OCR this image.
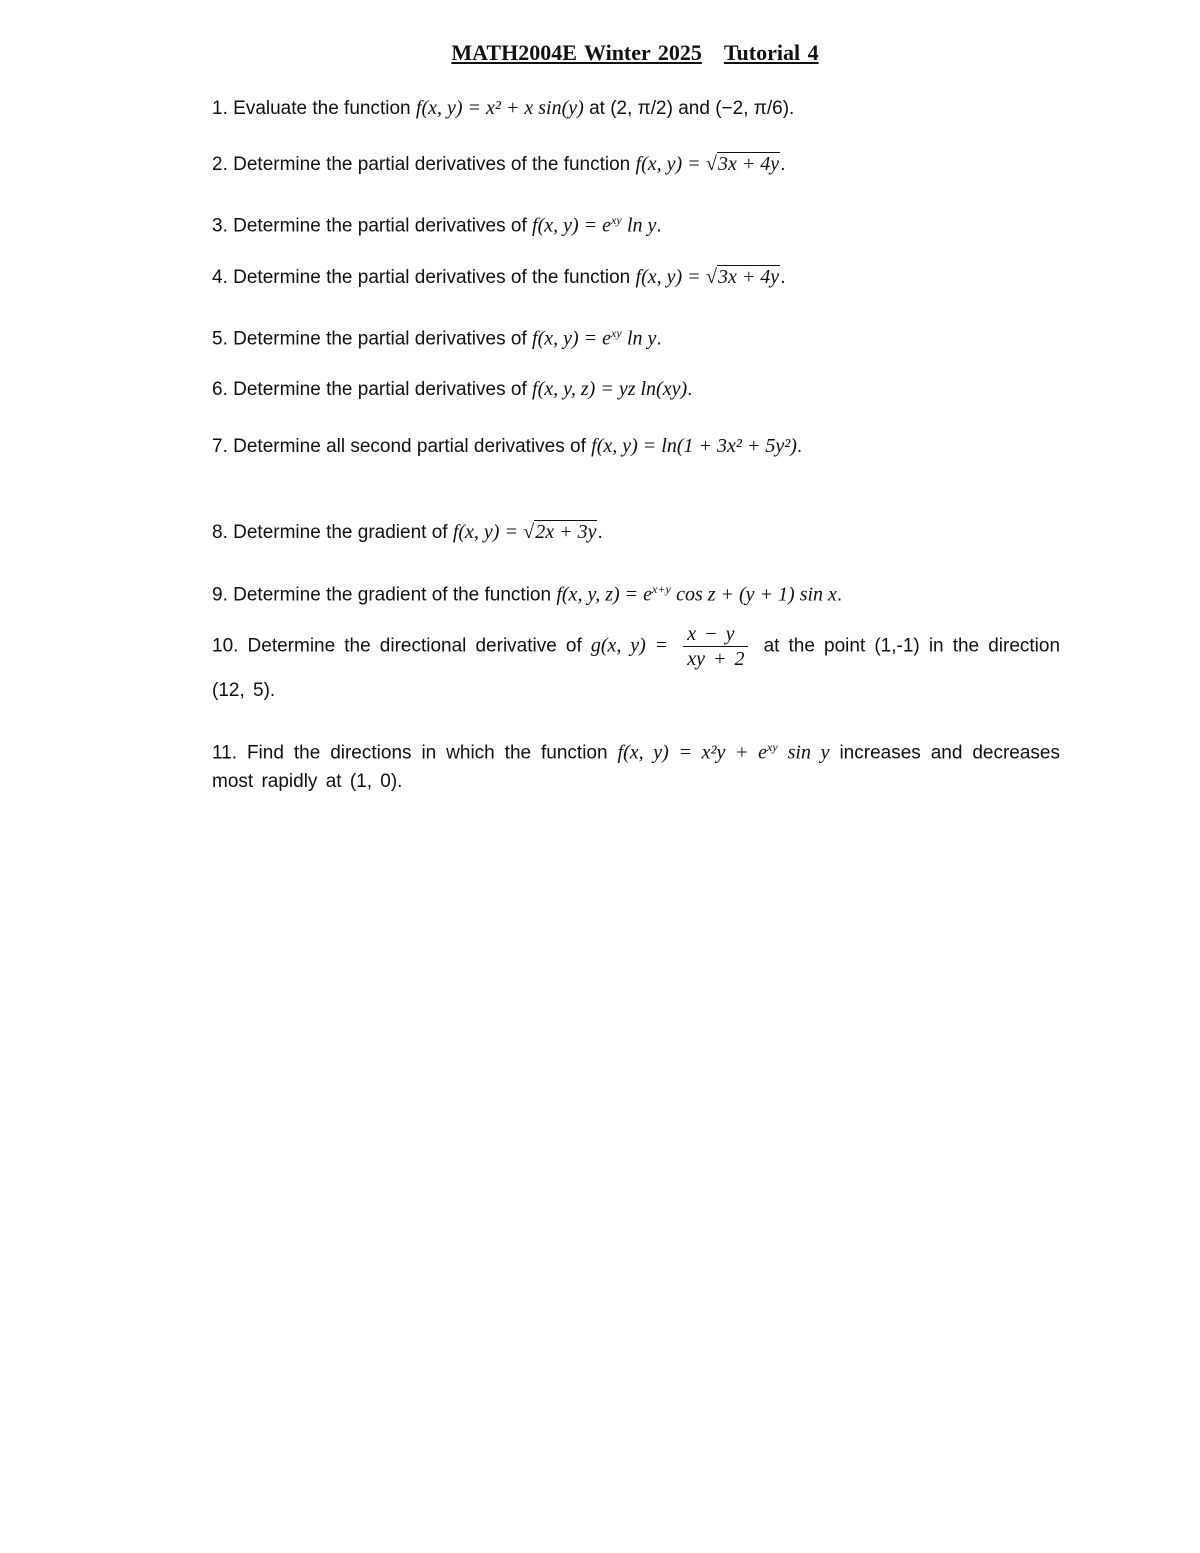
MATH2004E Winter 2025 Tutorial 4
1. Evaluate the function f(x, y) = x² + x sin(y) at (2, π/2) and (−2, π/6).
2. Determine the partial derivatives of the function f(x, y) = √3x + 4y.
3. Determine the partial derivatives of f(x, $y) = e^{xy}$ ln y.
4. Determine the partial derivatives of the function f(x, y) = √3x + 4y.
5. Determine the partial derivatives of f(x, $y) = e^{xy}$ ln y.
6. Determine the partial derivatives of f(x, y, z) = yz ln(xy).
7. Determine all second partial derivatives of f(x, y) = ln(1 + 3x² + 5y²).
8. Determine the gradient of f(x, y) = √2x + 3y.
9. Determine the gradient of the function f(x, y, $z) = e^{x+y}$ cos z + (y + 1) sin x.
10. Determine the directional derivative of g(x, $y) = \frac{x - y}{xy + 2}$ at the point (1,-1) in the direction (12, 5).
11. Find the directions in which the function f(x, $y) = x^2y + e^{xy}$ sin y increases and decreases most rapidly at (1, 0).
